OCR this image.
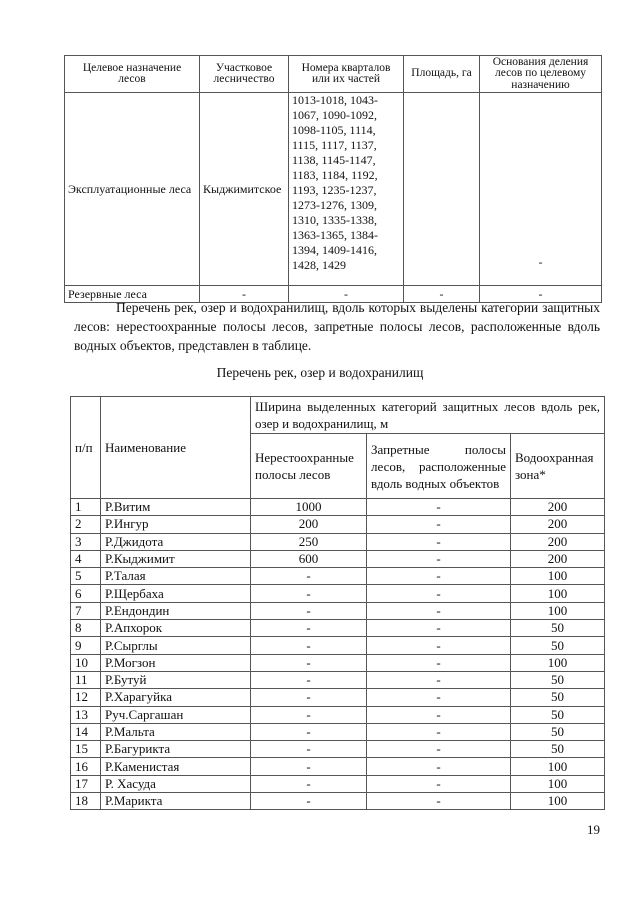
Целевое назначение лесов	Участковое лесничество	Номера кварталов или их частей	Площадь, га	Основания деления лесов по целевому назначению
Эксплуатационные леса	Кыджимитское	1013-1018, 1043-1067, 1090-1092, 1098-1105, 1114, 1115, 1117, 1137, 1138, 1145-1147, 1183, 1184, 1192, 1193, 1235-1237, 1273-1276, 1309, 1310, 1335-1338, 1363-1365, 1384-1394, 1409-1416, 1428, 1429		-
Резервные леса	-	-	-	-

Перечень рек, озер и водохранилищ, вдоль которых выделены категории защитных лесов: нерестоохранные полосы лесов, запретные полосы лесов, расположенные вдоль водных объектов, представлен в таблице.

Перечень рек, озер и водохранилищ

п/п	Наименование	Ширина выделенных категорий защитных лесов вдоль рек, озер и водохранилищ, м		
		Нерестоохранные полосы лесов	Запретные полосы лесов, расположенные вдоль водных объектов	Водоохранная зона*
1	Р.Витим	1000	-	200
2	Р.Ингур	200	-	200
3	Р.Джидота	250	-	200
4	Р.Кыджимит	600	-	200
5	Р.Талая	-	-	100
6	Р.Щербаха	-	-	100
7	Р.Ендондин	-	-	100
8	Р.Апхорок	-	-	50
9	Р.Сырглы	-	-	50
10	Р.Могзон	-	-	100
11	Р.Бутуй	-	-	50
12	Р.Харагуйка	-	-	50
13	Руч.Саргашан	-	-	50
14	Р.Мальта	-	-	50
15	Р.Багурикта	-	-	50
16	Р.Каменистая	-	-	100
17	Р. Хасуда	-	-	100
18	Р.Марикта	-	-	100
19
